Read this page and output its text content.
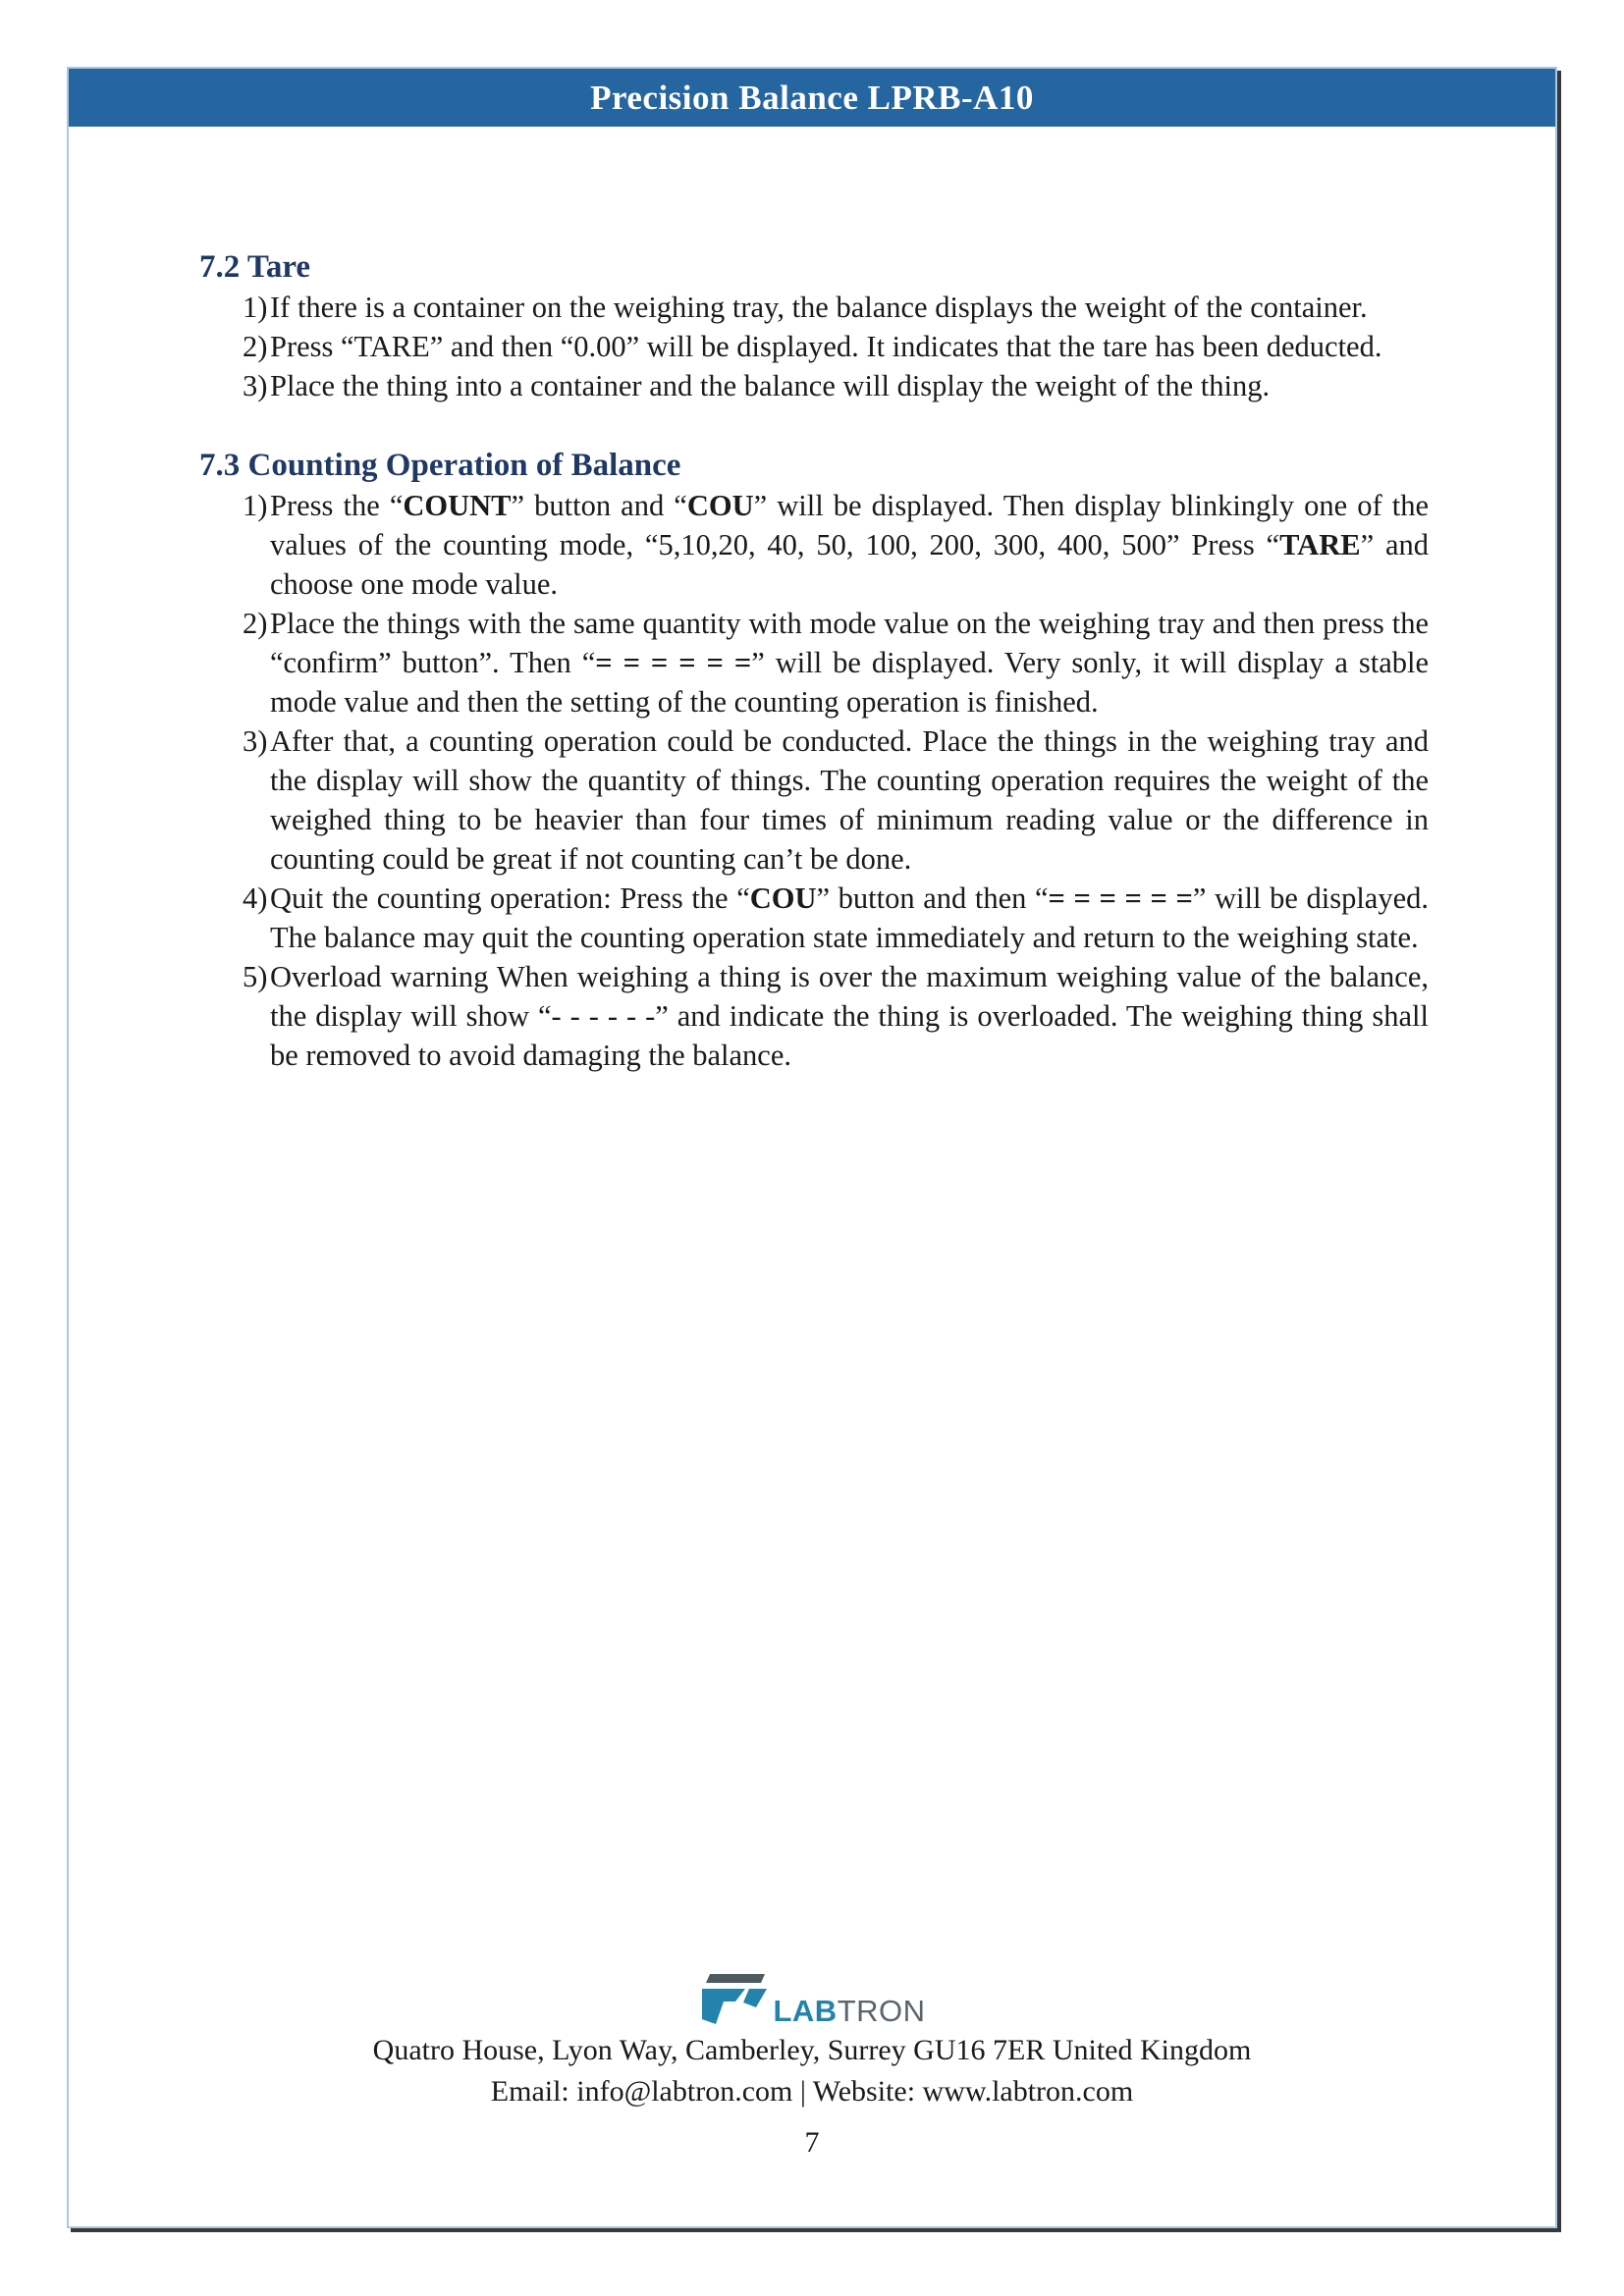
Precision Balance LPRB-A10
7.2 Tare
1) If there is a container on the weighing tray, the balance displays the weight of the container.
2) Press “TARE” and then “0.00” will be displayed. It indicates that the tare has been deducted.
3) Place the thing into a container and the balance will display the weight of the thing.
7.3 Counting Operation of Balance
1) Press the “COUNT” button and “COU” will be displayed. Then display blinkingly one of the values of the counting mode, “5,10,20, 40, 50, 100, 200, 300, 400, 500” Press “TARE” and choose one mode value.
2) Place the things with the same quantity with mode value on the weighing tray and then press the “confirm” button”. Then “= = = = = =” will be displayed. Very sonly, it will display a stable mode value and then the setting of the counting operation is finished.
3) After that, a counting operation could be conducted. Place the things in the weighing tray and the display will show the quantity of things. The counting operation requires the weight of the weighed thing to be heavier than four times of minimum reading value or the difference in counting could be great if not counting can’t be done.
4) Quit the counting operation: Press the “COU” button and then “= = = = = =” will be displayed. The balance may quit the counting operation state immediately and return to the weighing state.
5) Overload warning When weighing a thing is over the maximum weighing value of the balance, the display will show “- - - - - -” and indicate the thing is overloaded. The weighing thing shall be removed to avoid damaging the balance.
LABTRON
Quatro House, Lyon Way, Camberley, Surrey GU16 7ER United Kingdom
Email: info@labtron.com | Website: www.labtron.com
7
